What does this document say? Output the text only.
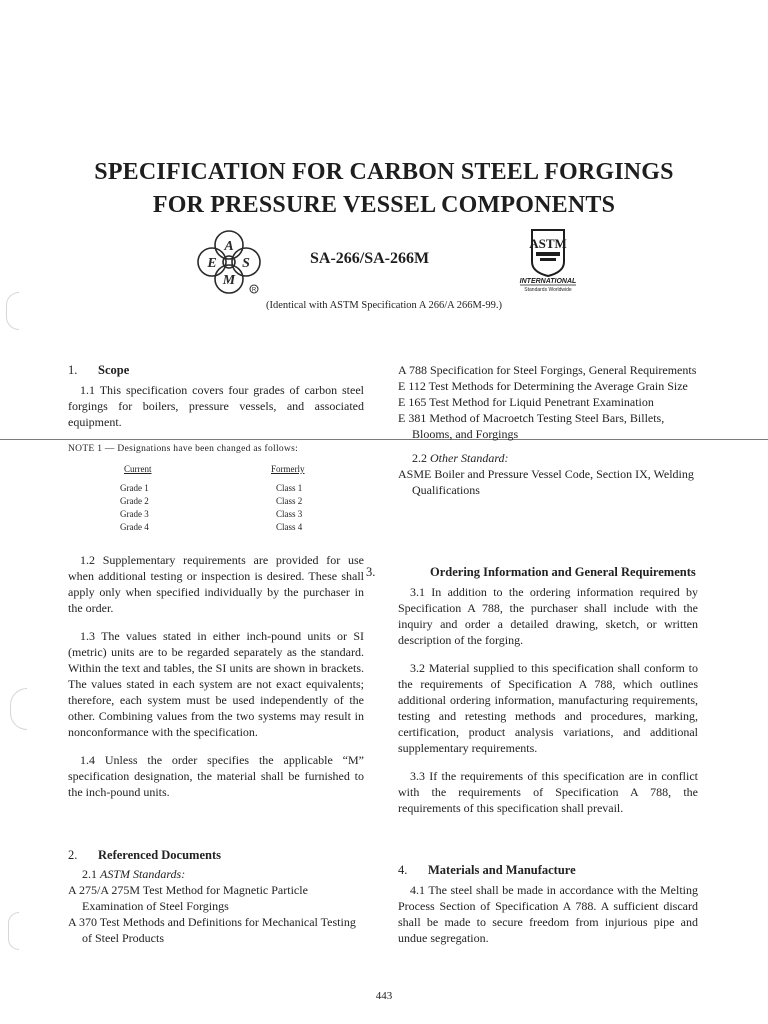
SPECIFICATION FOR CARBON STEEL FORGINGS
FOR PRESSURE VESSEL COMPONENTS
A
E S
M
R
SA-266/SA-266M
ASTM
INTERNATIONAL
Standards Worldwide
(Identical with ASTM Specification A 266/A 266M-99.)
1. Scope

1.1 This specification covers four grades of carbon steel forgings for boilers, pressure vessels, and associated equipment.

NOTE 1 — Designations have been changed as follows:
Current	Formerly
Grade 1	Class 1
Grade 2	Class 2
Grade 3	Class 3
Grade 4	Class 4

1.2 Supplementary requirements are provided for use when additional testing or inspection is desired. These shall apply only when specified individually by the purchaser in the order.

1.3 The values stated in either inch-pound units or SI (metric) units are to be regarded separately as the standard. Within the text and tables, the SI units are shown in brackets. The values stated in each system are not exact equivalents; therefore, each system must be used independently of the other. Combining values from the two systems may result in nonconformance with the specification.

1.4 Unless the order specifies the applicable “M” specification designation, the material shall be furnished to the inch-pound units.

2. Referenced Documents
2.1 ASTM Standards:

A 275/A 275M Test Method for Magnetic Particle Examination of Steel Forgings

A 370 Test Methods and Definitions for Mechanical Testing of Steel Products

A 788 Specification for Steel Forgings, General Requirements

E 112 Test Methods for Determining the Average Grain Size

E 165 Test Method for Liquid Penetrant Examination

E 381 Method of Macroetch Testing Steel Bars, Billets, Blooms, and Forgings

2.2 Other Standard:

ASME Boiler and Pressure Vessel Code, Section IX, Welding Qualifications

3.	Ordering Information and General Requirements

3.1 In addition to the ordering information required by Specification A 788, the purchaser shall include with the inquiry and order a detailed drawing, sketch, or written description of the forging.

3.2 Material supplied to this specification shall conform to the requirements of Specification A 788, which outlines additional ordering information, manufacturing requirements, testing and retesting methods and procedures, marking, certification, product analysis variations, and additional supplementary requirements.

3.3 If the requirements of this specification are in conflict with the requirements of Specification A 788, the requirements of this specification shall prevail.

4. Materials and Manufacture

4.1 The steel shall be made in accordance with the Melting Process Section of Specification A 788. A sufficient discard shall be made to secure freedom from injurious pipe and undue segregation.

443
